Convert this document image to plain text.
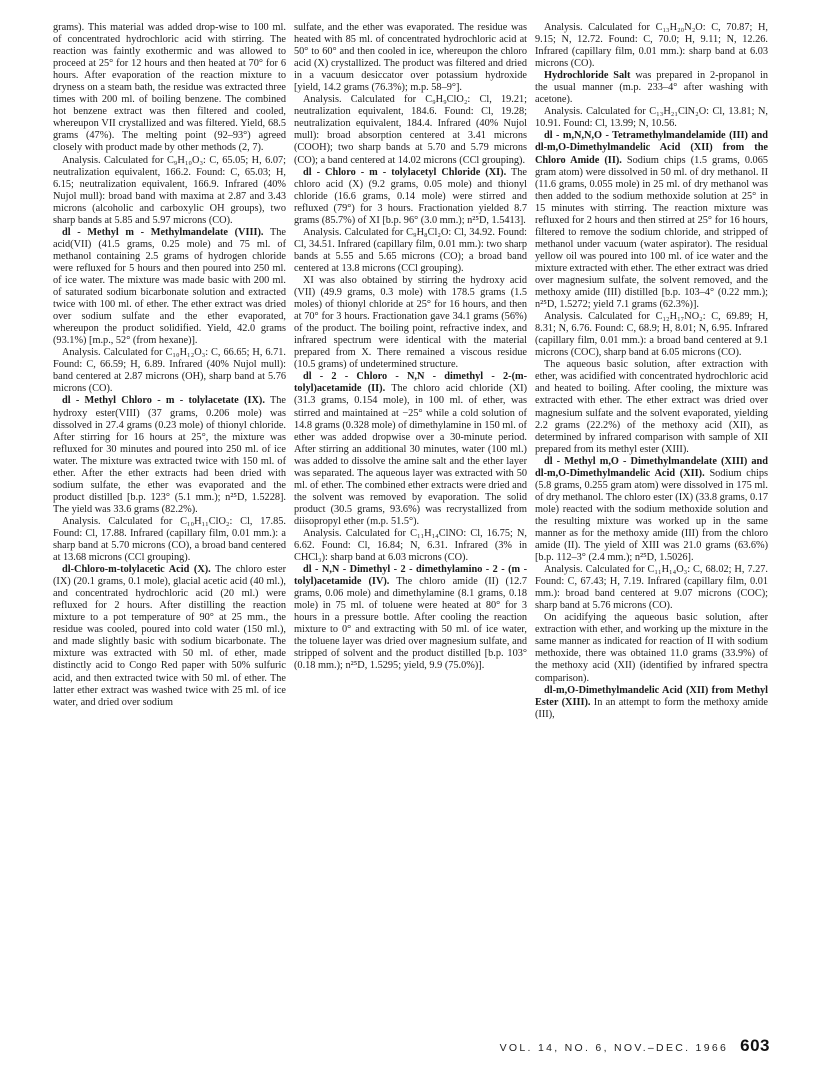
grams). This material was added drop-wise to 100 ml. of concentrated hydrochloric acid with stirring. The reaction was faintly exothermic and was allowed to proceed at 25° for 12 hours and then heated at 70° for 6 hours. After evaporation of the reaction mixture to dryness on a steam bath, the residue was extracted three times with 200 ml. of boiling benzene. The combined hot benzene extract was then filtered and cooled, whereupon VII crystallized and was filtered. Yield, 68.5 grams (47%). The melting point (92–93°) agreed closely with product made by other methods (2, 7).

Analysis. Calculated for C₉H₁₀O₃: C, 65.05; H, 6.07; neutralization equivalent, 166.2. Found: C, 65.03; H, 6.15; neutralization equivalent, 166.9. Infrared (40% Nujol mull): broad band with maxima at 2.87 and 3.43 microns (alcoholic and carboxylic OH groups), two sharp bands at 5.85 and 5.97 microns (CO).

dl - Methyl m - Methylmandelate (VIII). The acid(VII) (41.5 grams, 0.25 mole) and 75 ml. of methanol containing 2.5 grams of hydrogen chloride were refluxed for 5 hours and then poured into 250 ml. of ice water. The mixture was made basic with 200 ml. of saturated sodium bicarbonate solution and extracted twice with 100 ml. of ether. The ether extract was dried over sodium sulfate and the ether evaporated, whereupon the product solidified. Yield, 42.0 grams (93.1%) [m.p., 52° (from hexane)].

Analysis. Calculated for C₁₀H₁₂O₃: C, 66.65; H, 6.71. Found: C, 66.59; H, 6.89. Infrared (40% Nujol mull): band centered at 2.87 microns (OH), sharp band at 5.76 microns (CO).

dl - Methyl Chloro - m - tolylacetate (IX). The hydroxy ester(VIII) (37 grams, 0.206 mole) was dissolved in 27.4 grams (0.23 mole) of thionyl chloride. After stirring for 16 hours at 25°, the mixture was refluxed for 30 minutes and poured into 250 ml. of ice water. The mixture was extracted twice with 150 ml. of ether. After the ether extracts had been dried with sodium sulfate, the ether was evaporated and the product distilled [b.p. 123° (5.1 mm.); n²⁵D, 1.5228]. The yield was 33.6 grams (82.2%).

Analysis. Calculated for C₁₀H₁₁ClO₂: Cl, 17.85. Found: Cl, 17.88. Infrared (capillary film, 0.01 mm.): a sharp band at 5.70 microns (CO), a broad band centered at 13.68 microns (CCl grouping).

dl-Chloro-m-tolylacetic Acid (X). The chloro ester (IX) (20.1 grams, 0.1 mole), glacial acetic acid (40 ml.), and concentrated hydrochloric acid (20 ml.) were refluxed for 2 hours. After distilling the reaction mixture to a pot temperature of 90° at 25 mm., the residue was cooled, poured into cold water (150 ml.), and made slightly basic with sodium bicarbonate. The mixture was extracted with 50 ml. of ether, made distinctly acid to Congo Red paper with 50% sulfuric acid, and then extracted twice with 50 ml. of ether. The latter ether extract was washed twice with 25 ml. of ice water, and dried over sodium

sulfate, and the ether was evaporated. The residue was heated with 85 ml. of concentrated hydrochloric acid at 50° to 60° and then cooled in ice, whereupon the chloro acid (X) crystallized. The product was filtered and dried in a vacuum desiccator over potassium hydroxide [yield, 14.2 grams (76.3%); m.p. 58–9°].

Analysis. Calculated for C₉H₉ClO₂: Cl, 19.21; neutralization equivalent, 184.6. Found: Cl, 19.28; neutralization equivalent, 184.4. Infrared (40% Nujol mull): broad absorption centered at 3.41 microns (COOH); two sharp bands at 5.70 and 5.79 microns (CO); a band centered at 14.02 microns (CCl grouping).

dl - Chloro - m - tolylacetyl Chloride (XI). The chloro acid (X) (9.2 grams, 0.05 mole) and thionyl chloride (16.6 grams, 0.14 mole) were stirred and refluxed (79°) for 3 hours. Fractionation yielded 8.7 grams (85.7%) of XI [b.p. 96° (3.0 mm.); n²⁵D, 1.5413].

Analysis. Calculated for C₉H₈Cl₂O: Cl, 34.92. Found: Cl, 34.51. Infrared (capillary film, 0.01 mm.): two sharp bands at 5.55 and 5.65 microns (CO); a broad band centered at 13.8 microns (CCl grouping).

XI was also obtained by stirring the hydroxy acid (VII) (49.9 grams, 0.3 mole) with 178.5 grams (1.5 moles) of thionyl chloride at 25° for 16 hours, and then at 70° for 3 hours. Fractionation gave 34.1 grams (56%) of the product. The boiling point, refractive index, and infrared spectrum were identical with the material prepared from X. There remained a viscous residue (10.5 grams) of undetermined structure.

dl - 2 - Chloro - N,N - dimethyl - 2-(m-tolyl)acetamide (II). The chloro acid chloride (XI) (31.3 grams, 0.154 mole), in 100 ml. of ether, was stirred and maintained at −25° while a cold solution of 14.8 grams (0.328 mole) of dimethylamine in 150 ml. of ether was added dropwise over a 30-minute period. After stirring an additional 30 minutes, water (100 ml.) was added to dissolve the amine salt and the ether layer was separated. The aqueous layer was extracted with 50 ml. of ether. The combined ether extracts were dried and the solvent was removed by evaporation. The solid product (30.5 grams, 93.6%) was recrystallized from diisopropyl ether (m.p. 51.5°).

Analysis. Calculated for C₁₁H₁₄ClNO: Cl, 16.75; N, 6.62. Found: Cl, 16.84; N, 6.31. Infrared (3% in CHCl₃): sharp band at 6.03 microns (CO).

dl - N,N - Dimethyl - 2 - dimethylamino - 2 - (m - tolyl)acetamide (IV). The chloro amide (II) (12.7 grams, 0.06 mole) and dimethylamine (8.1 grams, 0.18 mole) in 75 ml. of toluene were heated at 80° for 3 hours in a pressure bottle. After cooling the reaction mixture to 0° and extracting with 50 ml. of ice water, the toluene layer was dried over magnesium sulfate, and stripped of solvent and the product distilled [b.p. 103° (0.18 mm.); n²⁵D, 1.5295; yield, 9.9 (75.0%)].

Analysis. Calculated for C₁₃H₂₀N₂O: C, 70.87; H, 9.15; N, 12.72. Found: C, 70.0; H, 9.11; N, 12.26. Infrared (capillary film, 0.01 mm.): sharp band at 6.03 microns (CO).

Hydrochloride Salt was prepared in 2-propanol in the usual manner (m.p. 233–4° after washing with acetone).

Analysis. Calculated for C₁₃H₂₁ClN₂O: Cl, 13.81; N, 10.91. Found: Cl, 13.99; N, 10.56.

dl - m,N,N,O - Tetramethylmandelamide (III) and dl-m,O-Dimethylmandelic Acid (XII) from the Chloro Amide (II). Sodium chips (1.5 grams, 0.065 gram atom) were dissolved in 50 ml. of dry methanol. II (11.6 grams, 0.055 mole) in 25 ml. of dry methanol was then added to the sodium methoxide solution at 25° in 15 minutes with stirring. The reaction mixture was refluxed for 2 hours and then stirred at 25° for 16 hours, filtered to remove the sodium chloride, and stripped of methanol under vacuum (water aspirator). The residual yellow oil was poured into 100 ml. of ice water and the mixture extracted with ether. The ether extract was dried over magnesium sulfate, the solvent removed, and the methoxy amide (III) distilled [b.p. 103–4° (0.22 mm.); n²⁵D, 1.5272; yield 7.1 grams (62.3%)].

Analysis. Calculated for C₁₂H₁₇NO₂: C, 69.89; H, 8.31; N, 6.76. Found: C, 68.9; H, 8.01; N, 6.95. Infrared (capillary film, 0.01 mm.): a broad band centered at 9.1 microns (COC), sharp band at 6.05 microns (CO).

The aqueous basic solution, after extraction with ether, was acidified with concentrated hydrochloric acid and heated to boiling. After cooling, the mixture was extracted with ether. The ether extract was dried over magnesium sulfate and the solvent evaporated, yielding 2.2 grams (22.2%) of the methoxy acid (XII), as determined by infrared comparison with sample of XII prepared from its methyl ester (XIII).

dl - Methyl m,O - Dimethylmandelate (XIII) and dl-m,O-Dimethylmandelic Acid (XII). Sodium chips (5.8 grams, 0.255 gram atom) were dissolved in 175 ml. of dry methanol. The chloro ester (IX) (33.8 grams, 0.17 mole) reacted with the sodium methoxide solution and the resulting mixture was worked up in the same manner as for the methoxy amide (III) from the chloro amide (II). The yield of XIII was 21.0 grams (63.6%) [b.p. 112–3° (2.4 mm.); n²⁵D, 1.5026].

Analysis. Calculated for C₁₁H₁₄O₃: C, 68.02; H, 7.27. Found: C, 67.43; H, 7.19. Infrared (capillary film, 0.01 mm.): broad band centered at 9.07 microns (COC); sharp band at 5.76 microns (CO).

On acidifying the aqueous basic solution, after extraction with ether, and working up the mixture in the same manner as indicated for reaction of II with sodium methoxide, there was obtained 11.0 grams (33.9%) of the methoxy acid (XII) (identified by infrared spectra comparison).

dl-m,O-Dimethylmandelic Acid (XII) from Methyl Ester (XIII). In an attempt to form the methoxy amide (III),

VOL. 14, NO. 6, NOV.–DEC. 1966 603
